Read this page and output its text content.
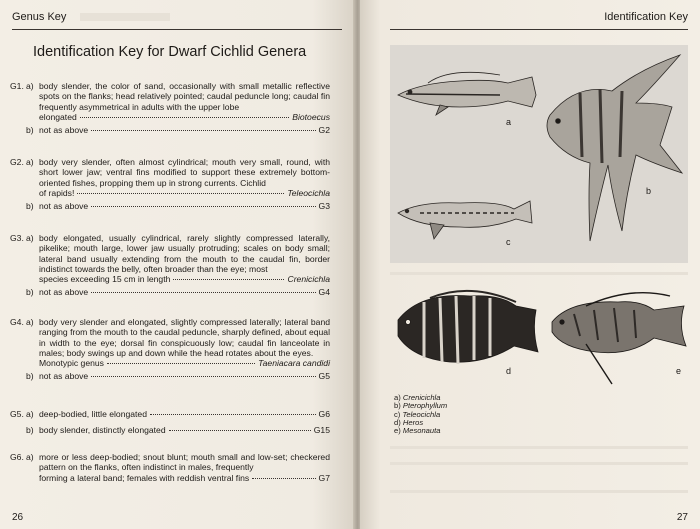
Genus Key
Identification Key for Dwarf Cichlid Genera
G1. a) body slender, the color of sand, occasionally with small metallic reflective spots on the flanks; head relatively pointed; caudal peduncle long; caudal fin frequently asymmetrical in adults with the upper lobe
elongated	Biotoecus
b) not as above	G2
G2. a) body very slender, often almost cylindrical; mouth very small, round, with short lower jaw; ventral fins modified to support these extremely bottom-oriented fishes, propping them up in strong currents. Cichlid
of rapids!	Teleocichla
b) not as above	G3
G3. a) body elongated, usually cylindrical, rarely slightly compressed laterally, pikelike; mouth large, lower jaw usually protruding; scales on body small; lateral band usually extending from the mouth to the caudal fin, border indistinct towards the belly, often broader than the eye; most
species exceeding 15 cm in length	Crenicichla
b) not as above	G4
G4. a) body very slender and elongated, slightly compressed laterally; lateral band ranging from the mouth to the caudal peduncle, sharply defined, about equal in width to the eye; dorsal fin conspicuously low; caudal fin lanceolate in males; body swings up and down while the head rotates about the eyes.
Monotypic genus	Taeniacara candidi
b) not as above	G5
G5. a) deep-bodied, little elongated	G6
b) body slender, distinctly elongated	G15
G6. a) more or less deep-bodied; snout blunt; mouth small and low-set; checkered pattern on the flanks, often indistinct in males, frequently
forming a lateral band; females with reddish ventral fins	G7
26
Identification Key
a
b
c
d	e
a) Crenicichla
b) Pterophyllum
c) Teleocichla
d) Heros
e) Mesonauta
27
